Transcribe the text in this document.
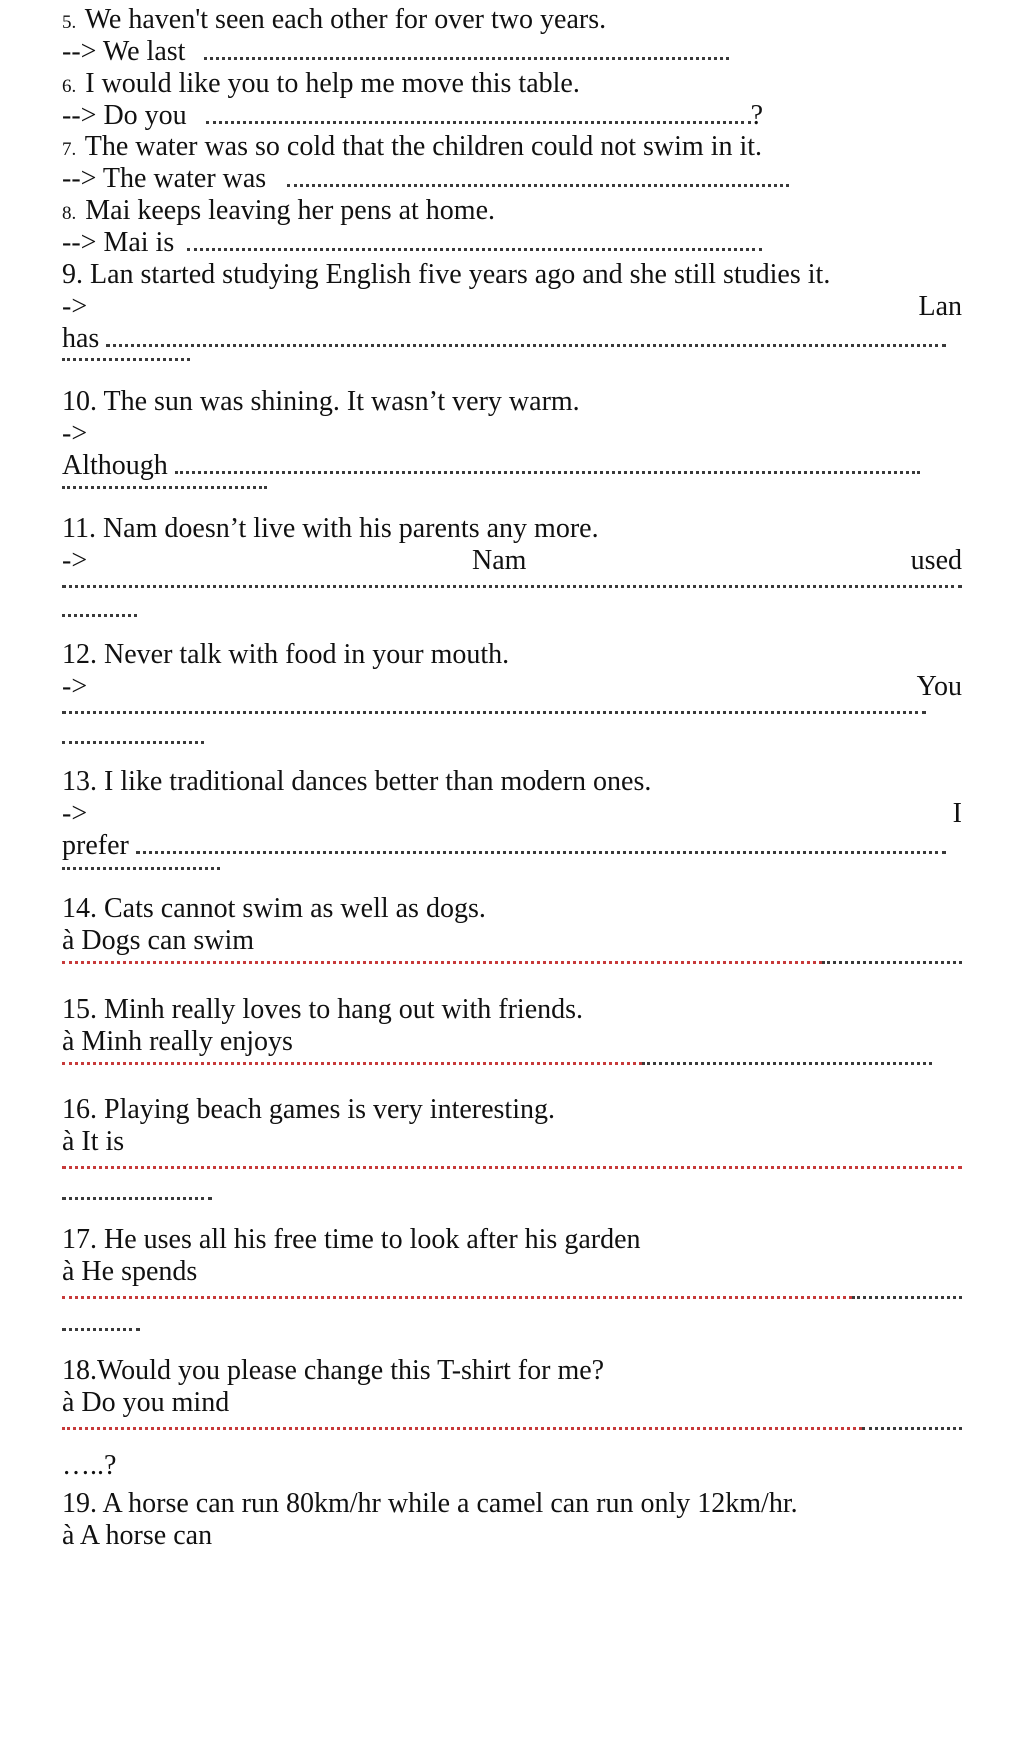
5. We haven't seen each other for over two years.
--> We last
6. I would like you to help me move this table.
--> Do you	?
7. The water was so cold that the children could not swim in it.
--> The water was
8. Mai keeps leaving her pens at home.
--> Mai is
9. Lan started studying English five years ago and she still studies it.
->	Lan
has
10. The sun was shining. It wasn’t very warm.
->
Although
11. Nam doesn’t live with his parents any more.
->	Nam	used
12. Never talk with food in your mouth.
->	You
13. I like traditional dances better than modern ones.
->	I
prefer
14. Cats cannot swim as well as dogs.
à Dogs can swim
15. Minh really loves to hang out with friends.
à Minh really enjoys
16. Playing beach games is very interesting.
à It is
17. He uses all his free time to look after his garden
à He spends
18.Would you please change this T-shirt for me?
à Do you mind
…..?
19. A horse can run 80km/hr while a camel can run only 12km/hr.
à A horse can
